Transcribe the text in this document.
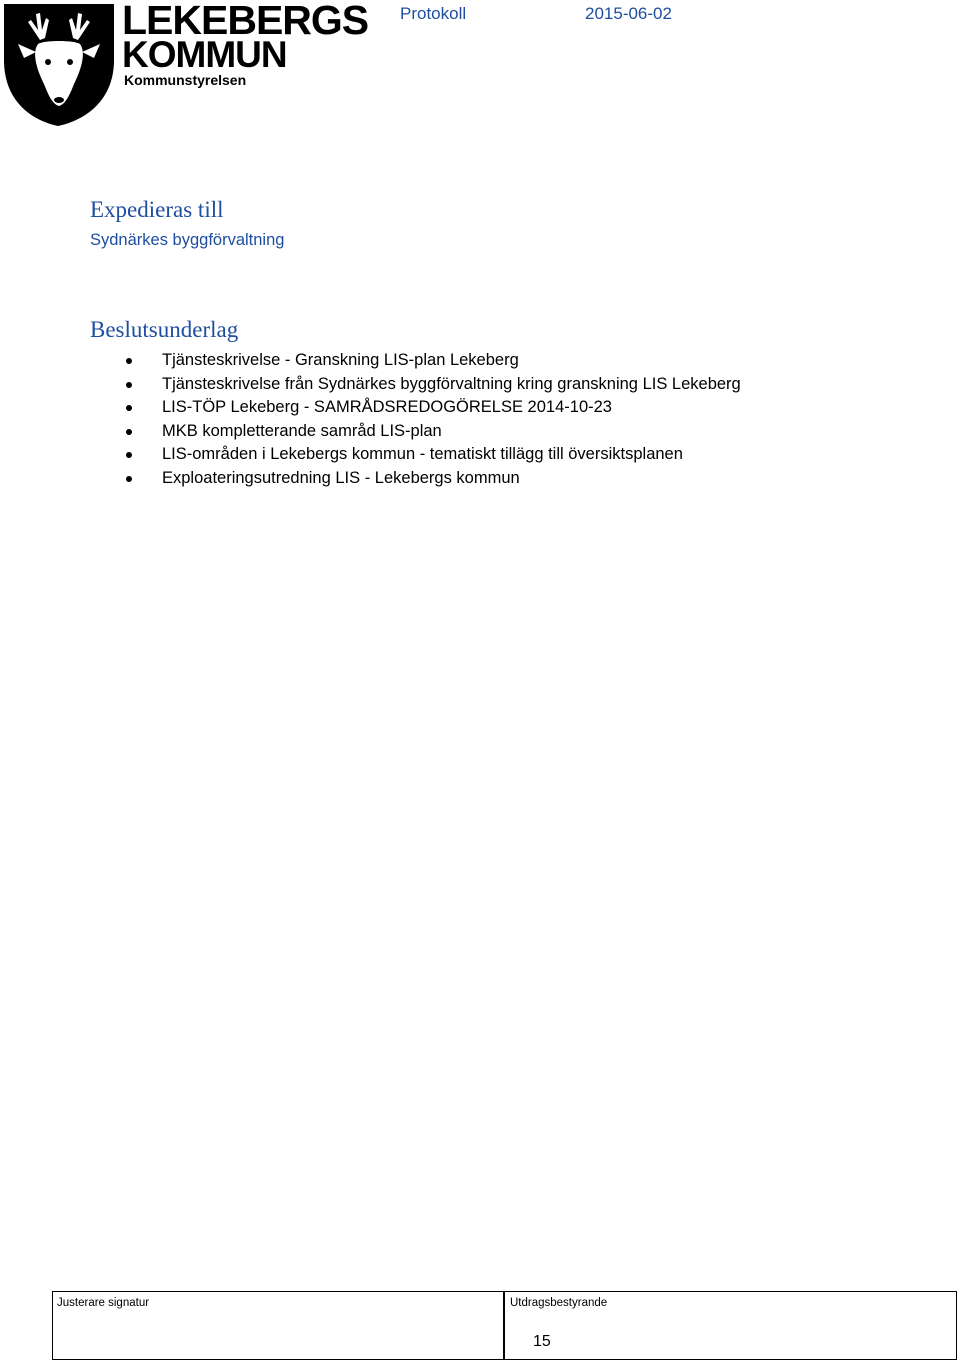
LEKEBERGS
KOMMUN
Kommunstyrelsen
Protokoll	2015-06-02
Expedieras till
Sydnärkes byggförvaltning
Beslutsunderlag
Tjänsteskrivelse - Granskning LIS-plan Lekeberg
Tjänsteskrivelse från Sydnärkes byggförvaltning kring granskning LIS Lekeberg
LIS-TÖP Lekeberg - SAMRÅDSREDOGÖRELSE 2014-10-23
MKB kompletterande samråd LIS-plan
LIS-områden i Lekebergs kommun - tematiskt tillägg till översiktsplanen
Exploateringsutredning LIS - Lekebergs kommun
Justerare signatur	Utdragsbestyrande
15
